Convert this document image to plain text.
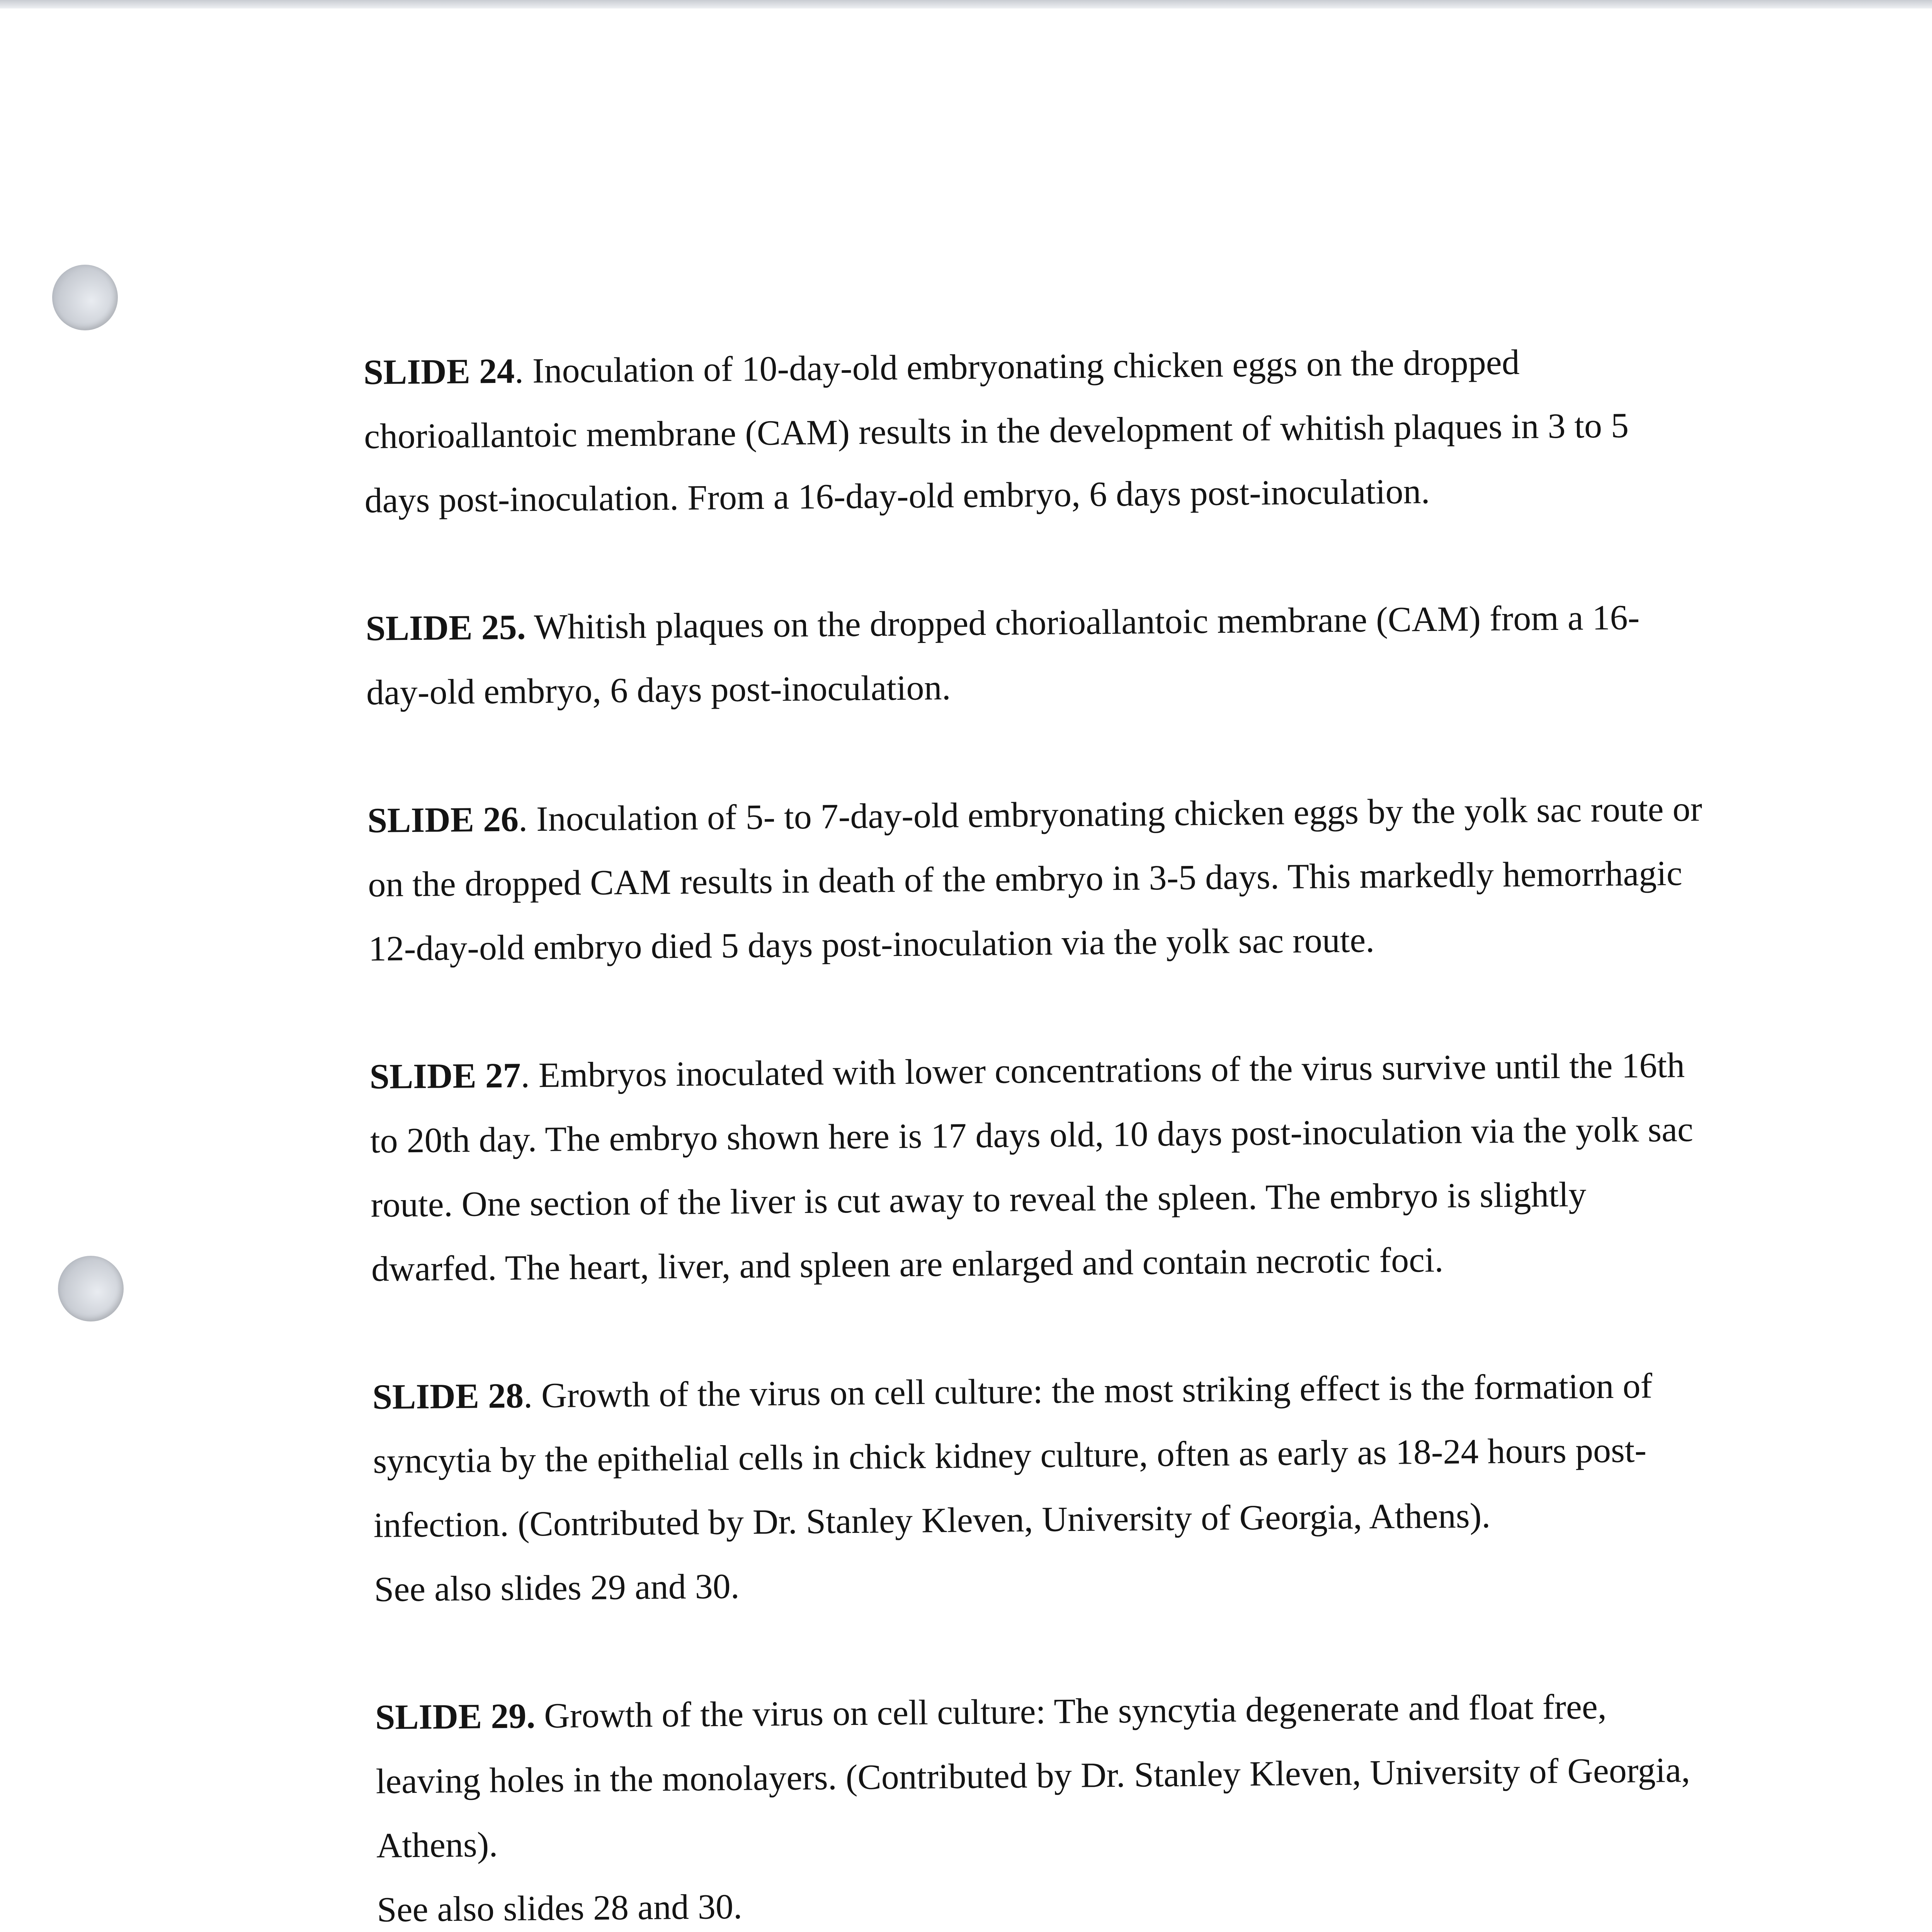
SLIDE 24. Inoculation of 10-day-old embryonating chicken eggs on the dropped chorioallantoic membrane (CAM) results in the development of whitish plaques in 3 to 5 days post-inoculation. From a 16-day-old embryo, 6 days post-inoculation.

SLIDE 25. Whitish plaques on the dropped chorioallantoic membrane (CAM) from a 16-day-old embryo, 6 days post-inoculation.

SLIDE 26. Inoculation of 5- to 7-day-old embryonating chicken eggs by the yolk sac route or on the dropped CAM results in death of the embryo in 3-5 days. This markedly hemorrhagic 12-day-old embryo died 5 days post-inoculation via the yolk sac route.

SLIDE 27. Embryos inoculated with lower concentrations of the virus survive until the 16th to 20th day. The embryo shown here is 17 days old, 10 days post-inoculation via the yolk sac route. One section of the liver is cut away to reveal the spleen. The embryo is slightly dwarfed. The heart, liver, and spleen are enlarged and contain necrotic foci.

SLIDE 28. Growth of the virus on cell culture: the most striking effect is the formation of syncytia by the epithelial cells in chick kidney culture, often as early as 18-24 hours post-infection. (Contributed by Dr. Stanley Kleven, University of Georgia, Athens).
See also slides 29 and 30.

SLIDE 29. Growth of the virus on cell culture: The syncytia degenerate and float free, leaving holes in the monolayers. (Contributed by Dr. Stanley Kleven, University of Georgia, Athens).
See also slides 28 and 30.
